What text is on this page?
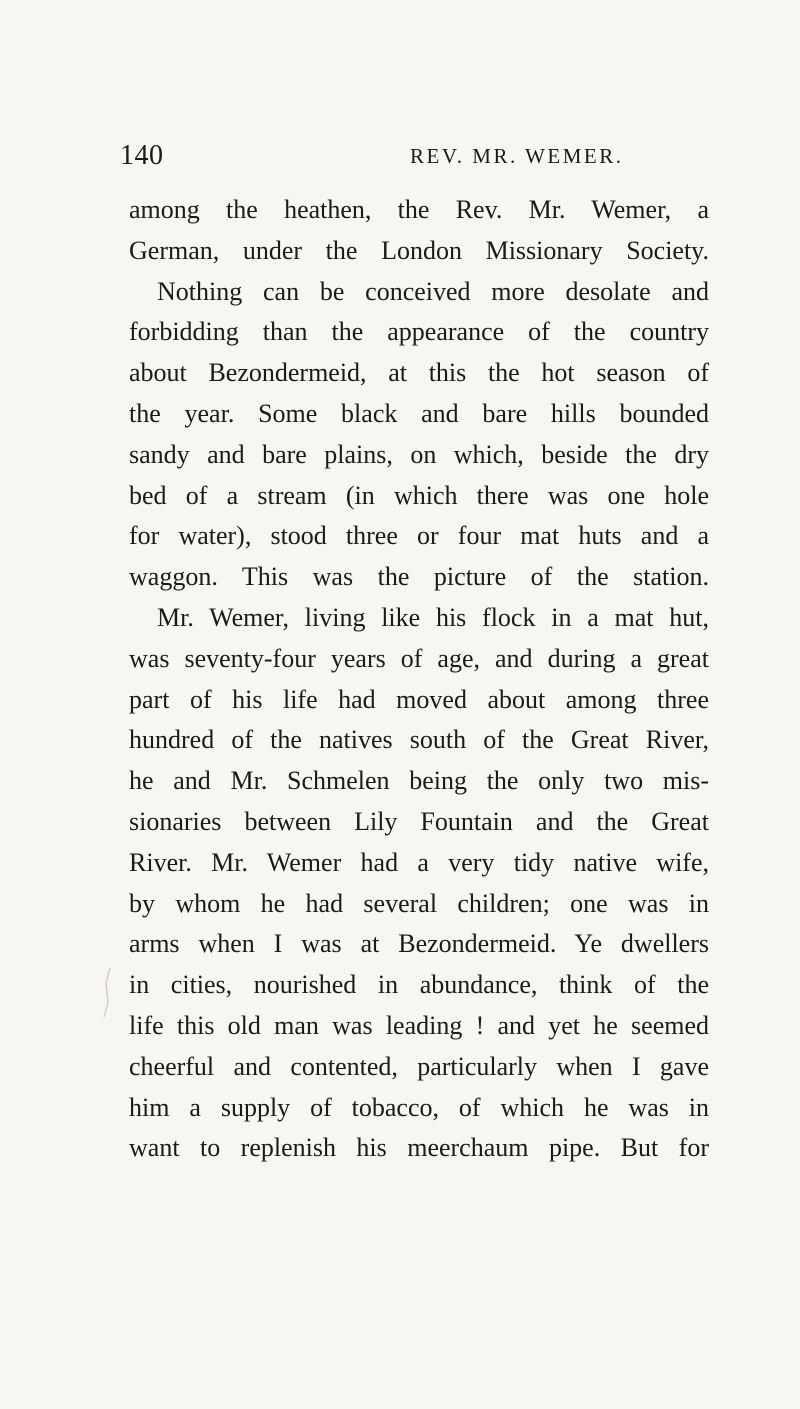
140	REV. MR. WEMER.
among the heathen, the Rev. Mr. Wemer, a
German, under the London Missionary Society.
Nothing can be conceived more desolate and
forbidding than the appearance of the country
about Bezondermeid, at this the hot season of
the year. Some black and bare hills bounded
sandy and bare plains, on which, beside the dry
bed of a stream (in which there was one hole
for water), stood three or four mat huts and a
waggon. This was the picture of the station.
Mr. Wemer, living like his flock in a mat hut,
was seventy-four years of age, and during a great
part of his life had moved about among three
hundred of the natives south of the Great River,
he and Mr. Schmelen being the only two mis-
sionaries between Lily Fountain and the Great
River. Mr. Wemer had a very tidy native wife,
by whom he had several children; one was in
arms when I was at Bezondermeid. Ye dwellers
in cities, nourished in abundance, think of the
life this old man was leading ! and yet he seemed
cheerful and contented, particularly when I gave
him a supply of tobacco, of which he was in
want to replenish his meerchaum pipe. But for
